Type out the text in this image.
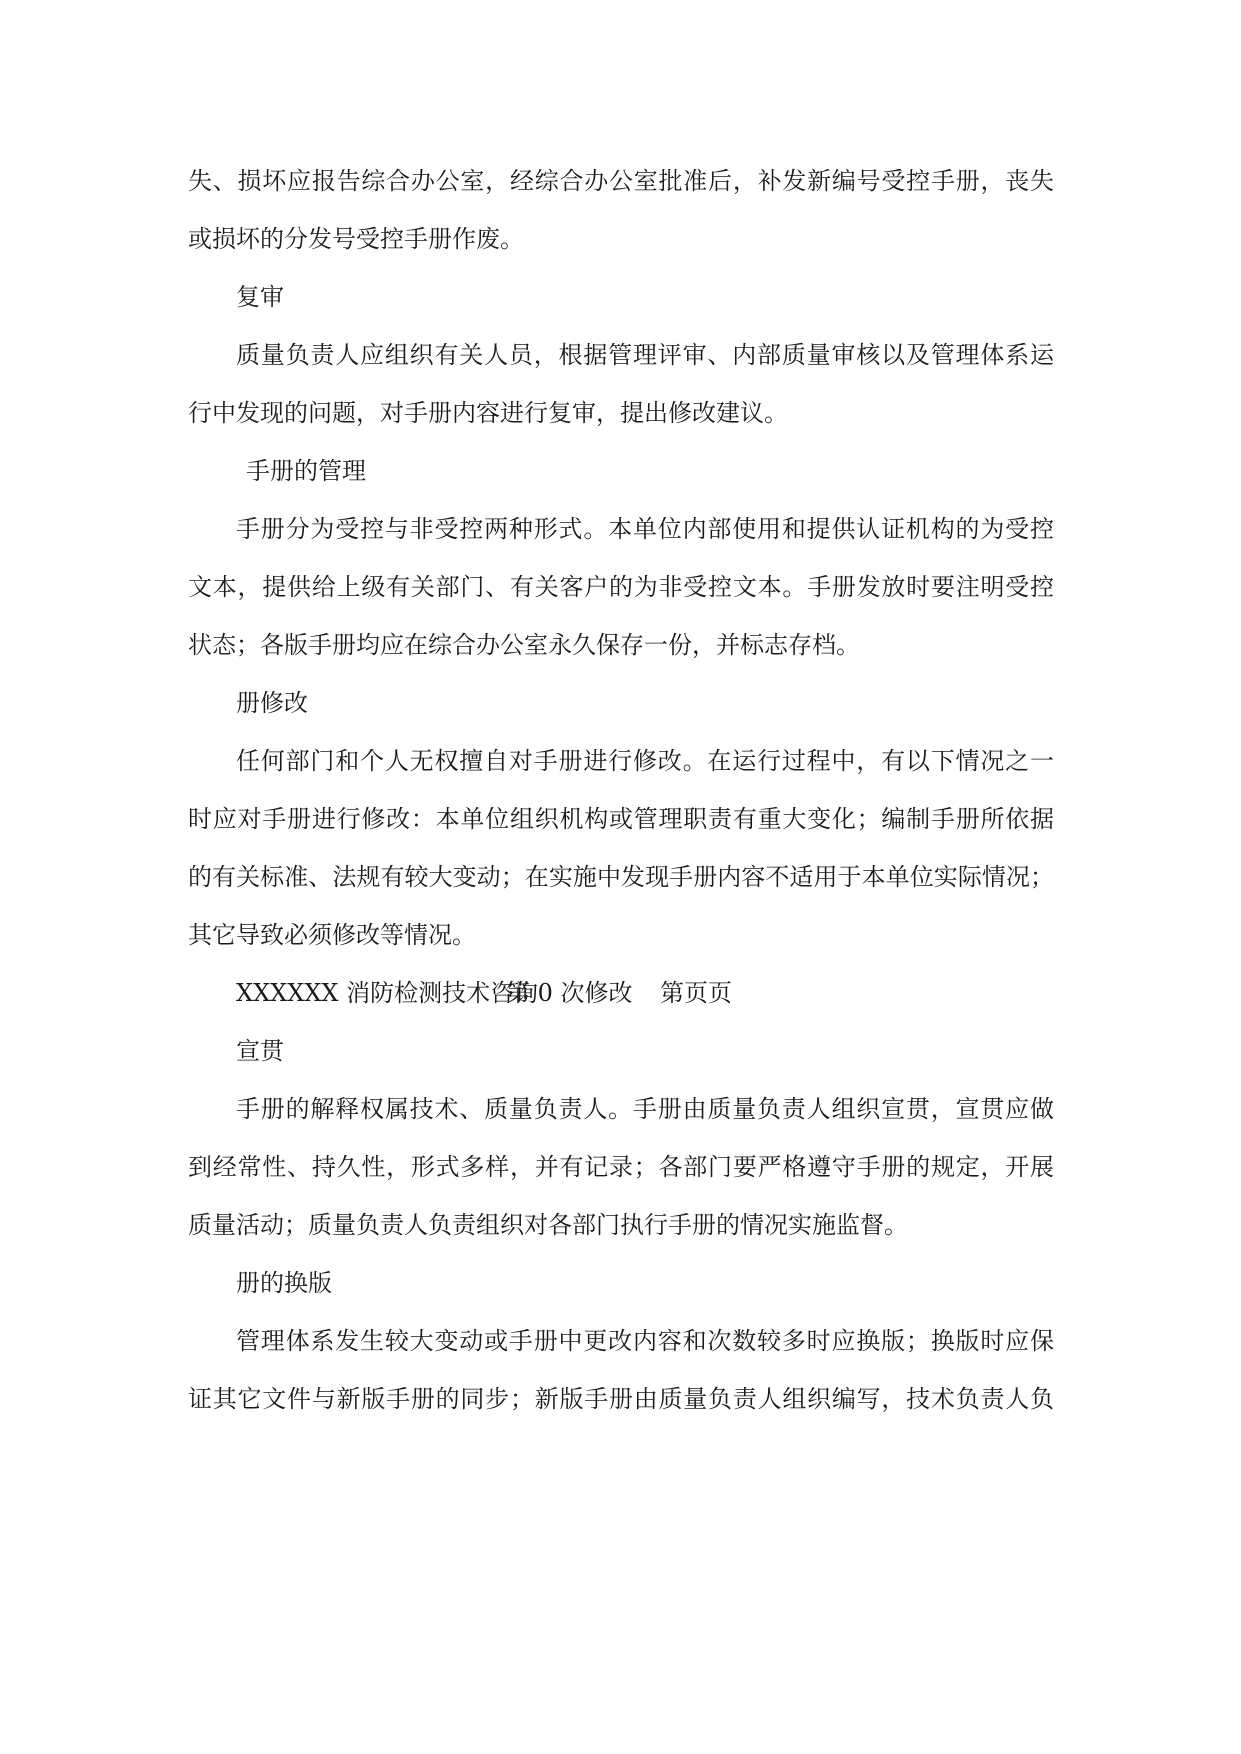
失、损坏应报告综合办公室，经综合办公室批准后，补发新编号受控手册，丧失
或损坏的分发号受控手册作废。
复审
质量负责人应组织有关人员，根据管理评审、内部质量审核以及管理体系运
行中发现的问题，对手册内容进行复审，提出修改建议。
手册的管理
手册分为受控与非受控两种形式。本单位内部使用和提供认证机构的为受控
文本，提供给上级有关部门、有关客户的为非受控文本。手册发放时要注明受控
状态；各版手册均应在综合办公室永久保存一份，并标志存档。
册修改
任何部门和个人无权擅自对手册进行修改。在运行过程中，有以下情况之一
时应对手册进行修改：本单位组织机构或管理职责有重大变化；编制手册所依据
的有关标准、法规有较大变动；在实施中发现手册内容不适用于本单位实际情况；
其它导致必须修改等情况。
XXXXXX 消防检测技术咨询
第 0 次修改 第页页
宣贯
手册的解释权属技术、质量负责人。手册由质量负责人组织宣贯，宣贯应做
到经常性、持久性，形式多样，并有记录；各部门要严格遵守手册的规定，开展
质量活动；质量负责人负责组织对各部门执行手册的情况实施监督。
册的换版
管理体系发生较大变动或手册中更改内容和次数较多时应换版；换版时应保
证其它文件与新版手册的同步；新版手册由质量负责人组织编写，技术负责人负
